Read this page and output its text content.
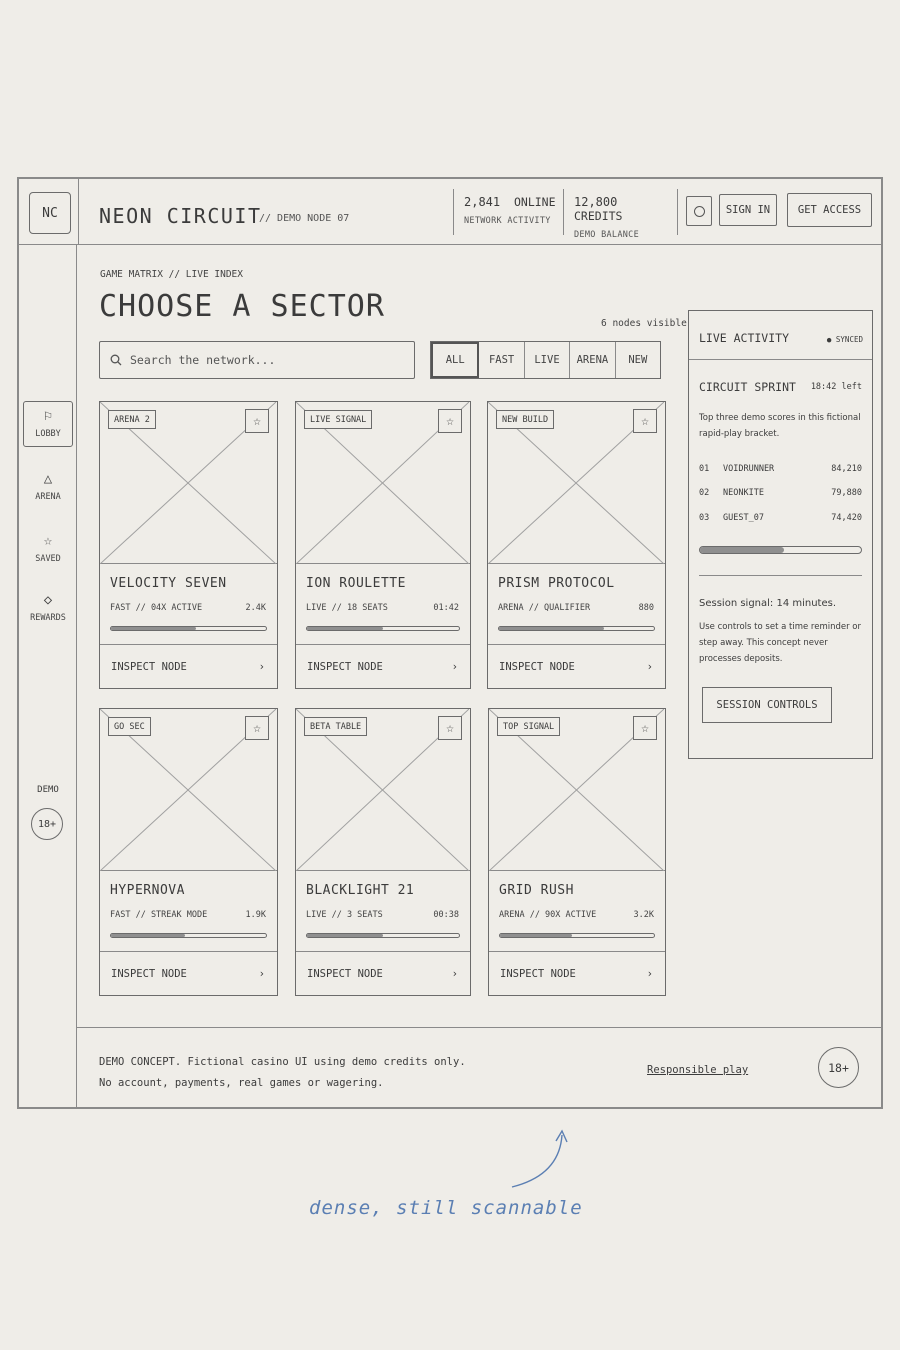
NC	NEON CIRCUIT
// DEMO NODE 07
2,841 ONLINE
NETWORK ACTIVITY
12,800  CREDITS
DEMO BALANCE
SIGN IN	GET ACCESS
⚐
LOBBY
△
ARENA
☆
SAVED
◇
REWARDS
DEMO
18+
GAME MATRIX // LIVE INDEX
CHOOSE A SECTOR	6 nodes visible
Search the network...
ALL	FAST	LIVE	ARENA	NEW
ARENA 2	☆
VELOCITY SEVEN
FAST // 04X ACTIVE	2.4K
INSPECT NODE	›
LIVE SIGNAL	☆
ION ROULETTE
LIVE // 18 SEATS	01:42
INSPECT NODE	›
NEW BUILD	☆
PRISM PROTOCOL
ARENA // QUALIFIER	880
INSPECT NODE	›
GO SEC	☆
HYPERNOVA
FAST // STREAK MODE	1.9K
INSPECT NODE	›
BETA TABLE	☆
BLACKLIGHT 21
LIVE // 3 SEATS	00:38
INSPECT NODE	›
TOP SIGNAL	☆
GRID RUSH
ARENA // 90X ACTIVE	3.2K
INSPECT NODE	›
LIVE ACTIVITY	● SYNCED
CIRCUIT SPRINT 18:42 left
Top three demo scores in this fictional rapid-play bracket.
01	VOIDRUNNER	84,210
02	NEONKITE	79,880
03	GUEST_07	74,420
Session signal: 14 minutes.
Use controls to set a time reminder or step away. This concept never processes deposits.
SESSION CONTROLS
DEMO CONCEPT. Fictional casino UI using demo credits only.
No account, payments, real games or wagering.
Responsible play	18+
dense, still scannable
